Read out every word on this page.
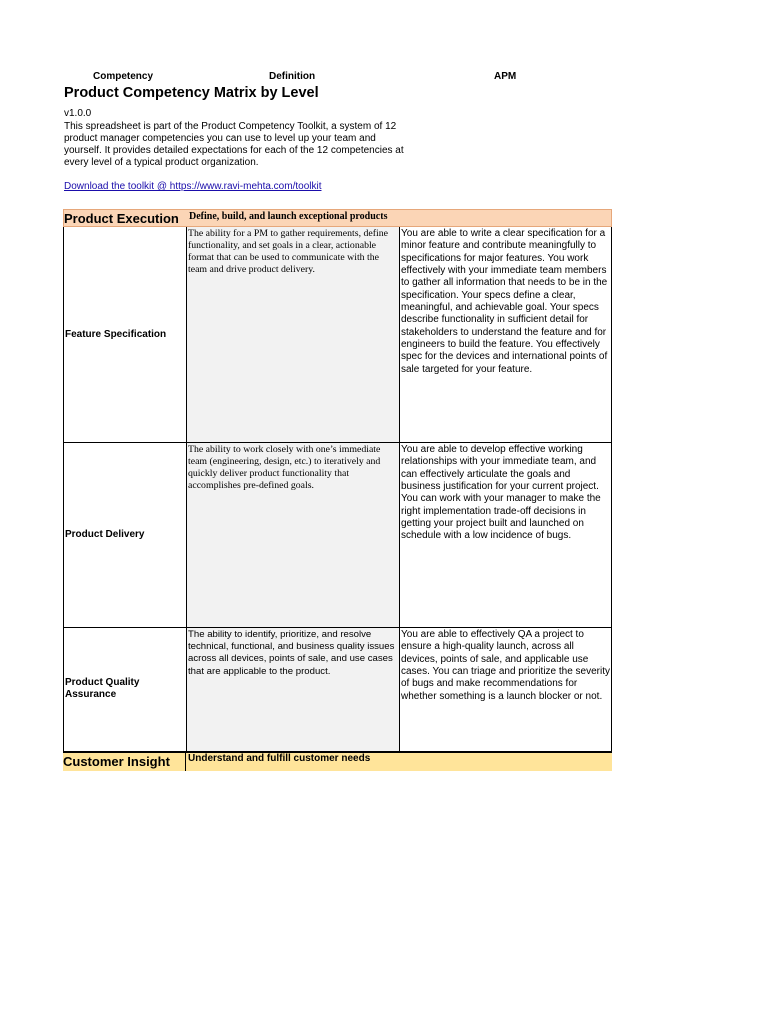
Competency	Definition	APM
Product Competency Matrix by Level
v1.0.0
This spreadsheet is part of the Product Competency Toolkit, a system of 12 product manager competencies you can use to level up your team and yourself. It provides detailed expectations for each of the 12 competencies at every level of a typical product organization.
Download the toolkit @ https://www.ravi-mehta.com/toolkit
Product Execution Define, build, and launch exceptional products
Feature Specification
The ability for a PM to gather requirements, define functionality, and set goals in a clear, actionable format that can be used to communicate with the team and drive product delivery.
You are able to write a clear specification for a minor feature and contribute meaningfully to specifications for major features. You work effectively with your immediate team members to gather all information that needs to be in the specification. Your specs define a clear, meaningful, and achievable goal. Your specs describe functionality in sufficient detail for stakeholders to understand the feature and for engineers to build the feature. You effectively spec for the devices and international points of sale targeted for your feature.
Product Delivery
The ability to work closely with one’s immediate team (engineering, design, etc.) to iteratively and quickly deliver product functionality that accomplishes pre-defined goals.
You are able to develop effective working relationships with your immediate team, and can effectively articulate the goals and business justification for your current project. You can work with your manager to make the right implementation trade-off decisions in getting your project built and launched on schedule with a low incidence of bugs.
Product Quality Assurance
The ability to identify, prioritize, and resolve technical, functional, and business quality issues across all devices, points of sale, and use cases that are applicable to the product.
You are able to effectively QA a project to ensure a high-quality launch, across all devices, points of sale, and applicable use cases. You can triage and prioritize the severity of bugs and make recommendations for whether something is a launch blocker or not.
Customer Insight Understand and fulfill customer needs
